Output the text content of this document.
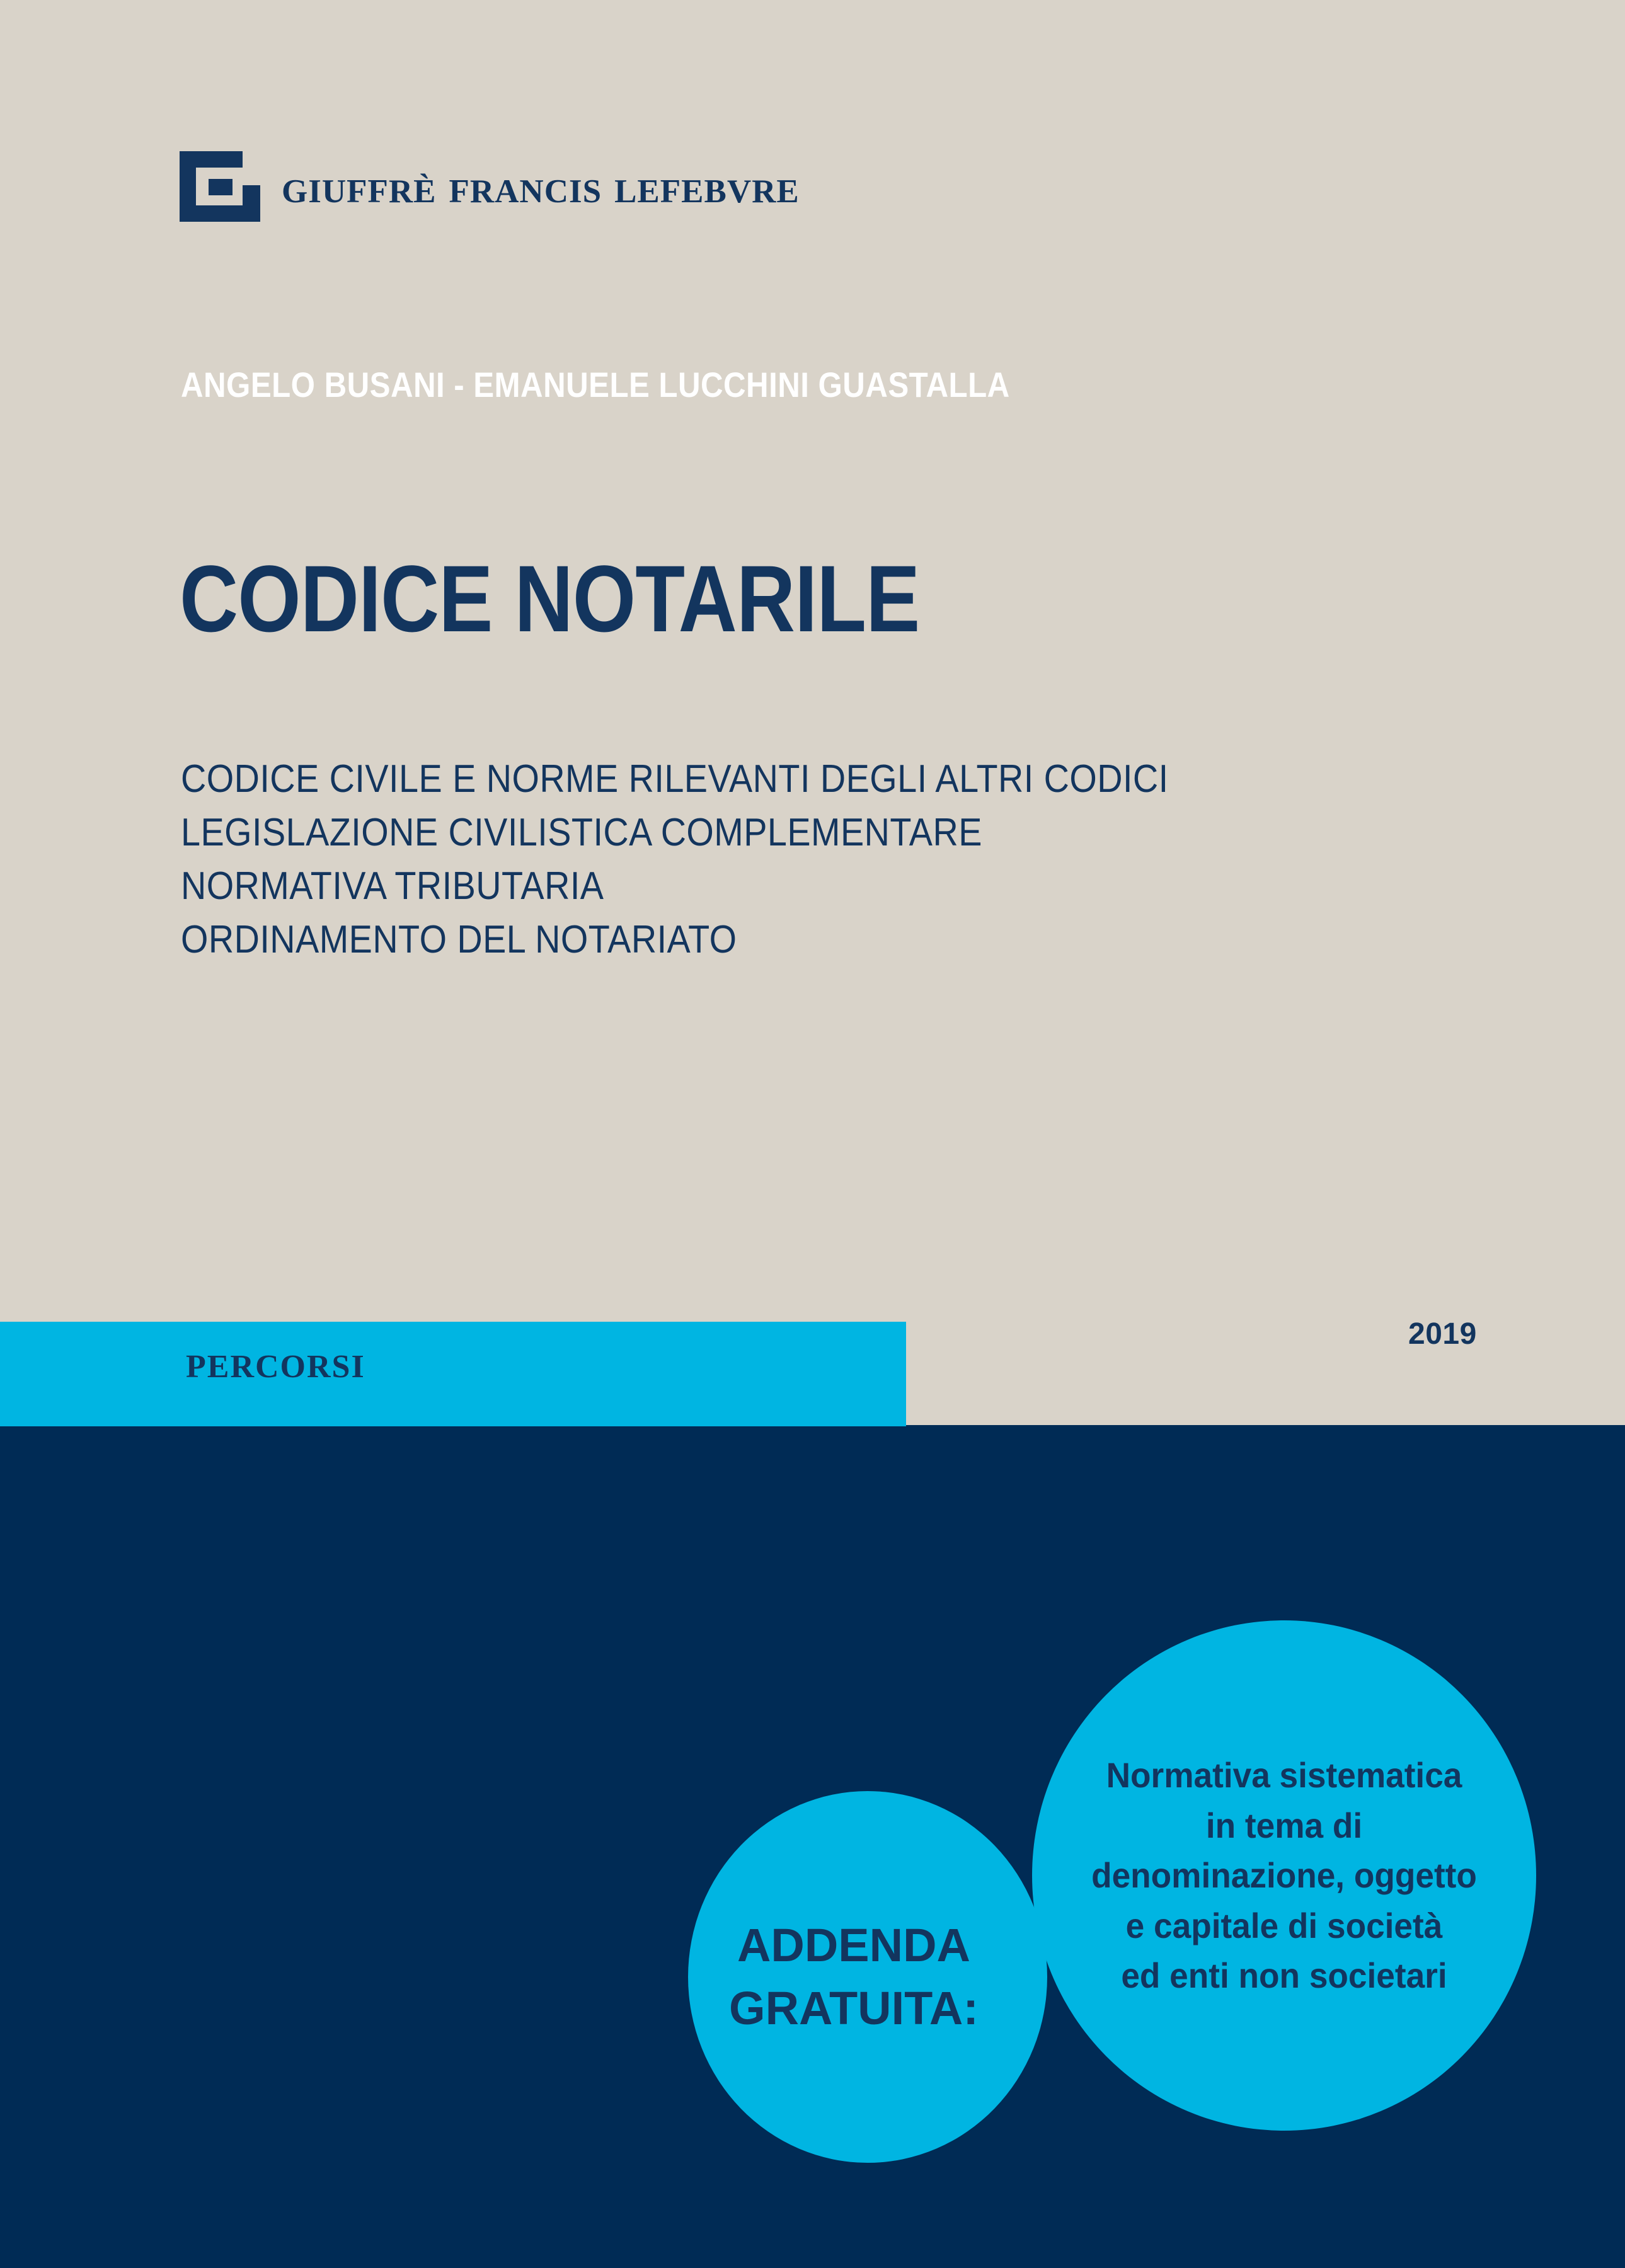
giuffrè francis lefebvre
ANGELO BUSANI - EMANUELE LUCCHINI GUASTALLA
CODICE NOTARILE
CODICE CIVILE E NORME RILEVANTI DEGLI ALTRI CODICI
LEGISLAZIONE CIVILISTICA COMPLEMENTARE
NORMATIVA TRIBUTARIA
ORDINAMENTO DEL NOTARIATO
2019
percorsi
Normativa sistematica
in tema di
denominazione, oggetto
e capitale di società
ed enti non societari
ADDENDA
GRATUITA:
